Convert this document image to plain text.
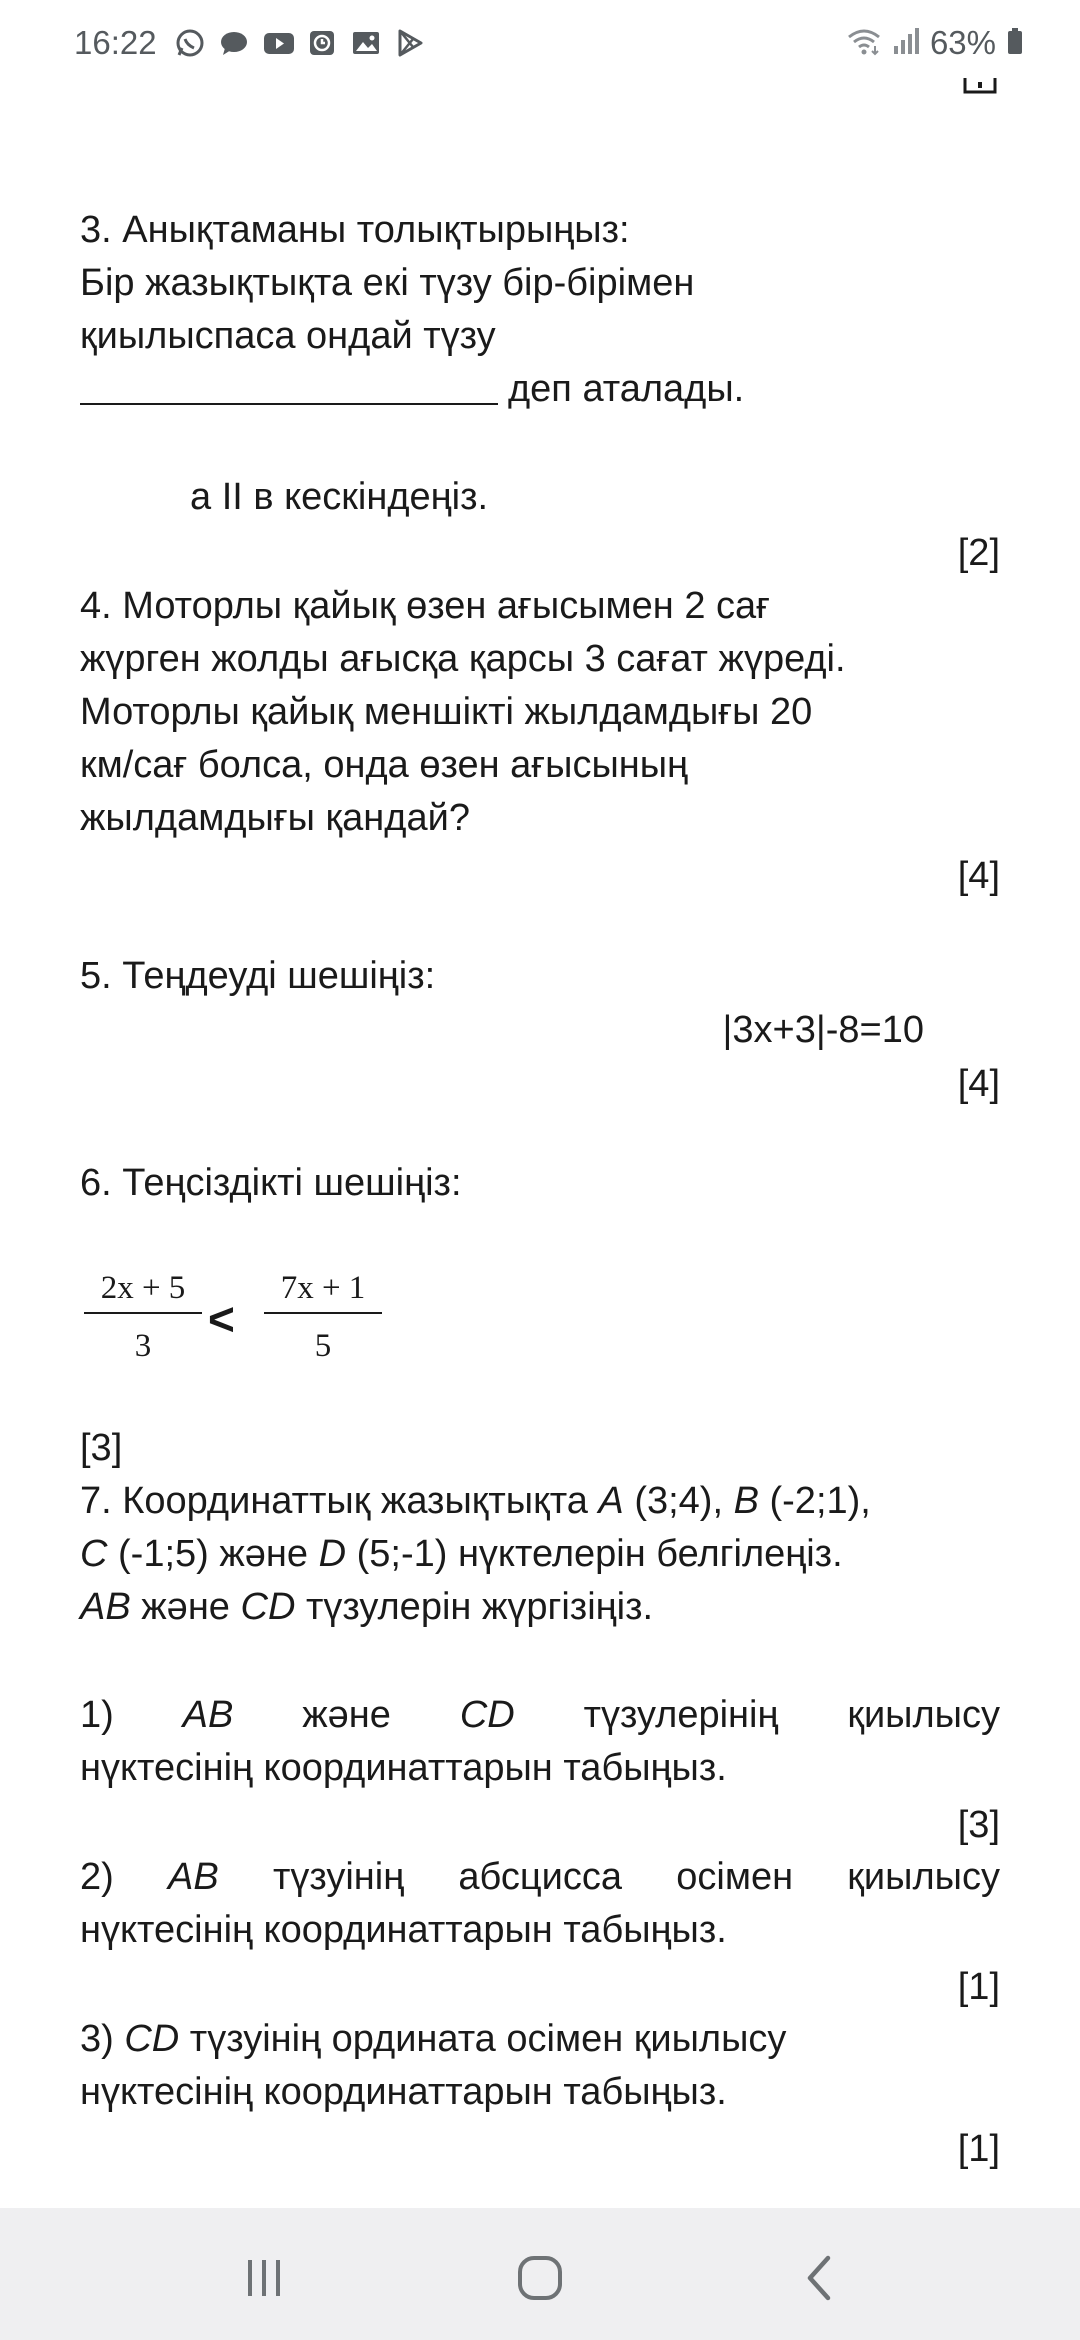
16:22	63%
3. Анықтаманы толықтырыңыз:
Бір жазықтықта екі түзу бір-бірімен
қиылыспаса ондай түзу
деп аталады.
а II в кескіндеңіз.
[2]
4. Моторлы қайық өзен ағысымен 2 сағ
жүрген жолды ағысқа қарсы 3 сағат жүреді.
Моторлы қайық меншікті жылдамдығы 20
км/сағ болса, онда өзен ағысының
жылдамдығы қандай?
[4]
5. Теңдеуді шешіңіз:
|3x+3|-8=10
[4]
6. Теңсіздікті шешіңіз:
2x + 5
3
<
7x + 1
5
[3]
7. Координаттық жазықтықта A (3;4), B (-2;1),
C (-1;5) және D (5;-1) нүктелерін белгілеңіз.
AB және CD түзулерін жүргізіңіз.
1) AB және CD түзулерінің қиылысу
нүктесінің координаттарын табыңыз.
[3]
2) AB түзуінің абсцисса осімен қиылысу
нүктесінің координаттарын табыңыз.
[1]
3) CD түзуінің ордината осімен қиылысу
нүктесінің координаттарын табыңыз.
[1]
